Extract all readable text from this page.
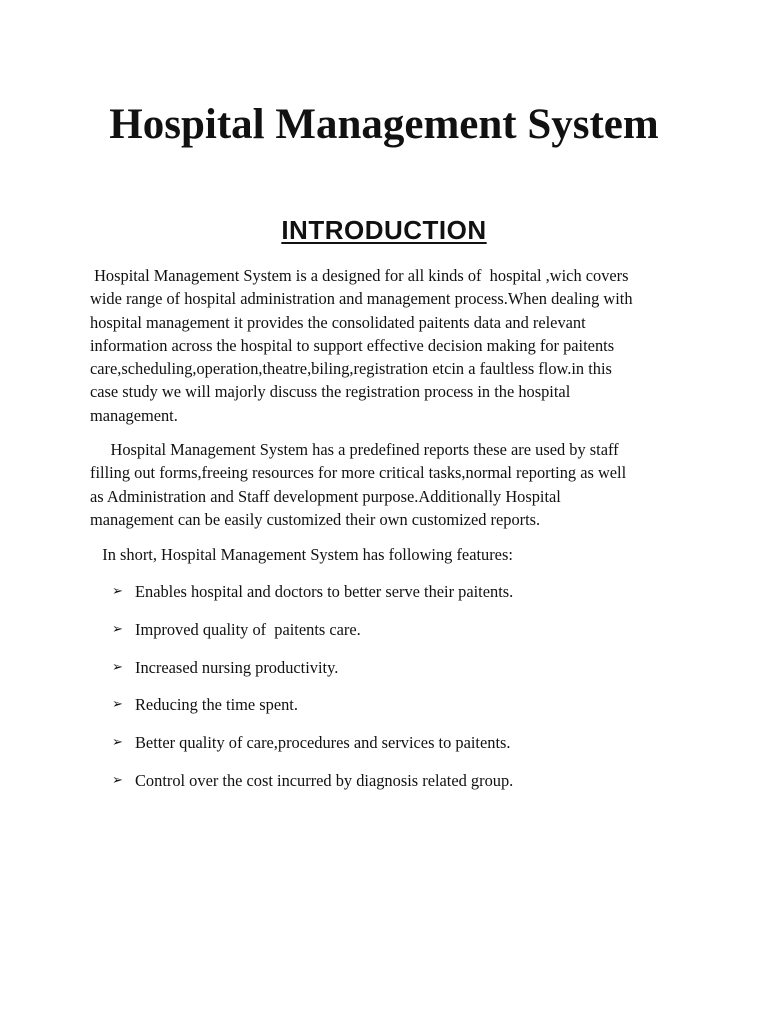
Hospital Management System
INTRODUCTION

Hospital Management System is a designed for all kinds of  hospital ,wich covers
wide range of hospital administration and management process.When dealing with
hospital management it provides the consolidated paitents data and relevant
information across the hospital to support effective decision making for paitents
care,scheduling,operation,theatre,biling,registration etcin a faultless flow.in this
case study we will majorly discuss the registration process in the hospital
management.

Hospital Management System has a predefined reports these are used by staff
filling out forms,freeing resources for more critical tasks,normal reporting as well
as Administration and Staff development purpose.Additionally Hospital
management can be easily customized their own customized reports.

In short, Hospital Management System has following features:

➢ Enables hospital and doctors to better serve their paitents.
➢ Improved quality of  paitents care.
➢ Increased nursing productivity.
➢ Reducing the time spent.
➢ Better quality of care,procedures and services to paitents.
➢ Control over the cost incurred by diagnosis related group.
